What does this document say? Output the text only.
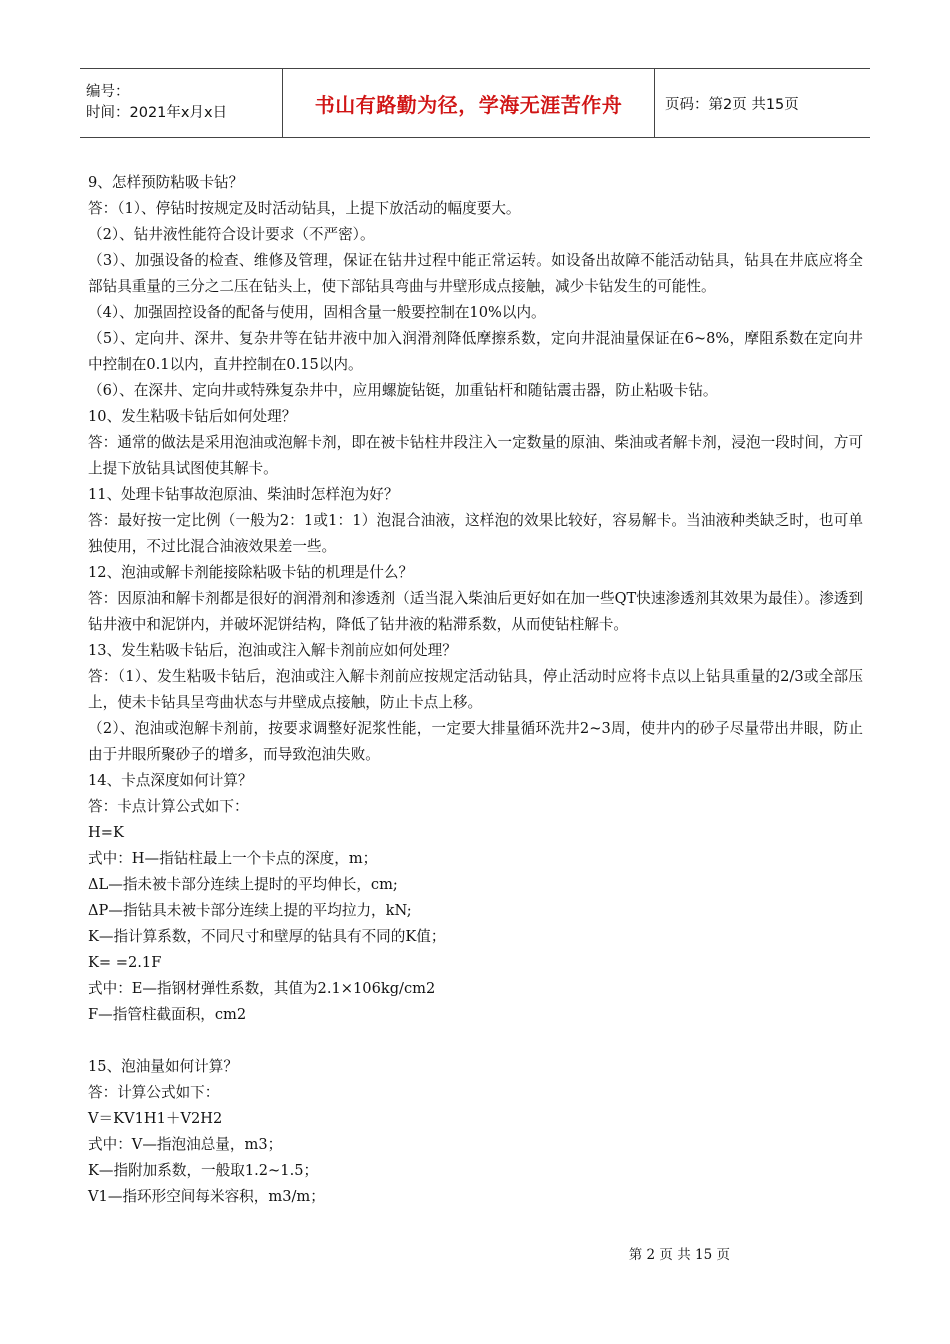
编号：
时间：2021年x月x日	书山有路勤为径，学海无涯苦作舟	页码：第2页 共15页

9、怎样预防粘吸卡钻？

答：（1）、停钻时按规定及时活动钻具，上提下放活动的幅度要大。

（2）、钻井液性能符合设计要求（不严密）。

（3）、加强设备的检查、维修及管理，保证在钻井过程中能正常运转。如设备出故障不能活动钻具，钻具在井底应将全部钻具重量的三分之二压在钻头上，使下部钻具弯曲与井壁形成点接触，减少卡钻发生的可能性。

（4）、加强固控设备的配备与使用，固相含量一般要控制在10%以内。

（5）、定向井、深井、复杂井等在钻井液中加入润滑剂降低摩擦系数，定向井混油量保证在6~8%，摩阻系数在定向井中控制在0.1以内，直井控制在0.15以内。

（6）、在深井、定向井或特殊复杂井中，应用螺旋钻铤，加重钻杆和随钻震击器，防止粘吸卡钻。

10、发生粘吸卡钻后如何处理？

答：通常的做法是采用泡油或泡解卡剂，即在被卡钻柱井段注入一定数量的原油、柴油或者解卡剂，浸泡一段时间，方可上提下放钻具试图使其解卡。

11、处理卡钻事故泡原油、柴油时怎样泡为好？

答：最好按一定比例（一般为2：1或1：1）泡混合油液，这样泡的效果比较好，容易解卡。当油液种类缺乏时，也可单独使用，不过比混合油液效果差一些。

12、泡油或解卡剂能接除粘吸卡钻的机理是什么？

答：因原油和解卡剂都是很好的润滑剂和渗透剂（适当混入柴油后更好如在加一些QT快速渗透剂其效果为最佳）。渗透到钻井液中和泥饼内，并破坏泥饼结构，降低了钻井液的粘滞系数，从而使钻柱解卡。

13、发生粘吸卡钻后，泡油或注入解卡剂前应如何处理？

答：（1）、发生粘吸卡钻后，泡油或注入解卡剂前应按规定活动钻具，停止活动时应将卡点以上钻具重量的2/3或全部压上，使未卡钻具呈弯曲状态与井壁成点接触，防止卡点上移。

（2）、泡油或泡解卡剂前，按要求调整好泥浆性能，一定要大排量循环洗井2~3周，使井内的砂子尽量带出井眼，防止由于井眼所聚砂子的增多，而导致泡油失败。

14、卡点深度如何计算？

答：卡点计算公式如下：

H=K

式中：H—指钻柱最上一个卡点的深度，m；

ΔL—指未被卡部分连续上提时的平均伸长，cm;

ΔP—指钻具未被卡部分连续上提的平均拉力，kN;

K—指计算系数，不同尺寸和壁厚的钻具有不同的K值；

K= =2.1F

式中：E—指钢材弹性系数，其值为2.1×106kg/cm2

F—指管柱截面积，cm2

15、泡油量如何计算？

答：计算公式如下：

V＝KV1H1＋V2H2

式中：V—指泡油总量，m3；

K—指附加系数，一般取1.2~1.5；

V1—指环形空间每米容积，m3/m；

第 2 页 共 15 页
